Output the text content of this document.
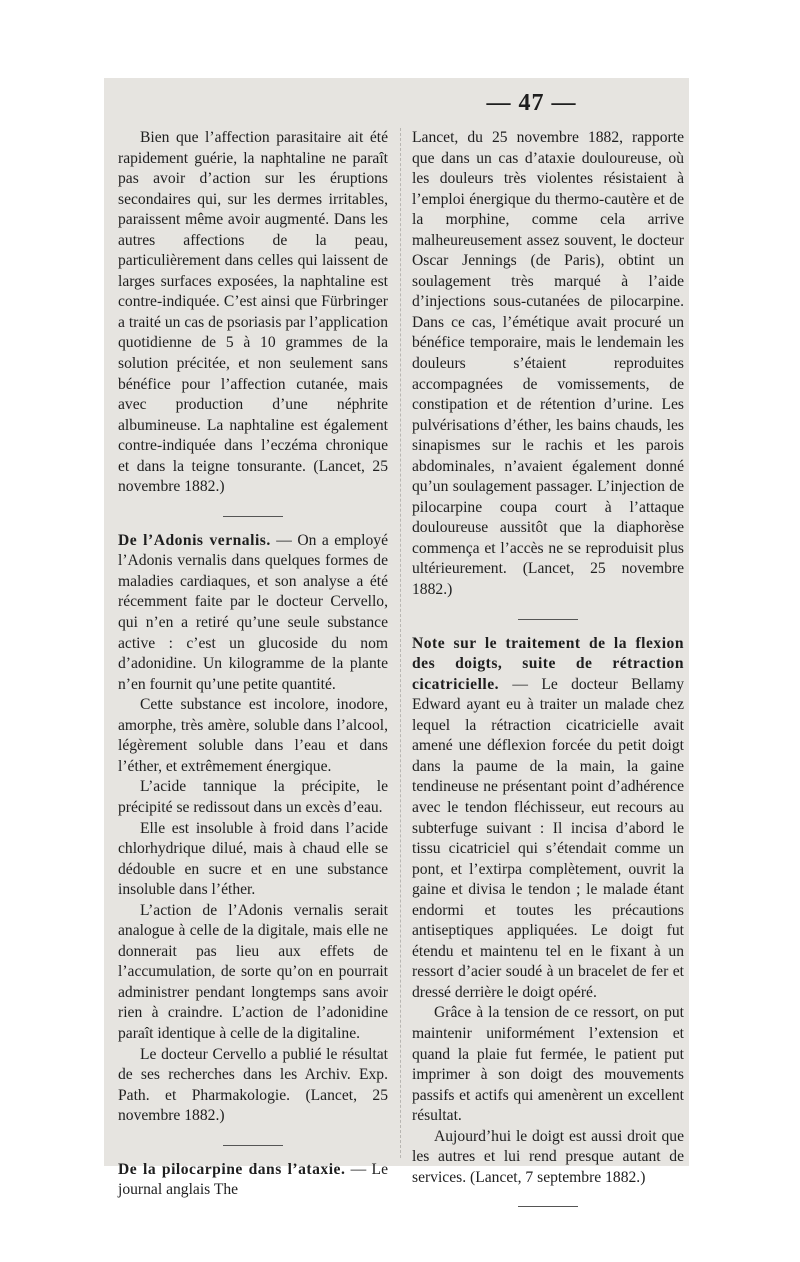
— 47 —

Bien que l’affection parasitaire ait été rapidement guérie, la naphtaline ne paraît pas avoir d’action sur les éruptions secondaires qui, sur les dermes irritables, paraissent même avoir augmenté. Dans les autres affections de la peau, particulièrement dans celles qui laissent de larges surfaces exposées, la naphtaline est contre-indiquée. C’est ainsi que Fürbringer a traité un cas de psoriasis par l’application quotidienne de 5 à 10 grammes de la solution précitée, et non seulement sans bénéfice pour l’affection cutanée, mais avec production d’une néphrite albumineuse. La naphtaline est également contre-indiquée dans l’eczéma chronique et dans la teigne tonsurante. (Lancet, 25 novembre 1882.)

De l’Adonis vernalis. — On a employé l’Adonis vernalis dans quelques formes de maladies cardiaques, et son analyse a été récemment faite par le docteur Cervello, qui n’en a retiré qu’une seule substance active : c’est un glucoside du nom d’adonidine. Un kilogramme de la plante n’en fournit qu’une petite quantité.

Cette substance est incolore, inodore, amorphe, très amère, soluble dans l’alcool, légèrement soluble dans l’eau et dans l’éther, et extrêmement énergique.

L’acide tannique la précipite, le précipité se redissout dans un excès d’eau.

Elle est insoluble à froid dans l’acide chlorhydrique dilué, mais à chaud elle se dédouble en sucre et en une substance insoluble dans l’éther.

L’action de l’Adonis vernalis serait analogue à celle de la digitale, mais elle ne donnerait pas lieu aux effets de l’accumulation, de sorte qu’on en pourrait administrer pendant longtemps sans avoir rien à craindre. L’action de l’adonidine paraît identique à celle de la digitaline.

Le docteur Cervello a publié le résultat de ses recherches dans les Archiv. Exp. Path. et Pharmakologie. (Lancet, 25 novembre 1882.)

De la pilocarpine dans l’ataxie. — Le journal anglais The

Lancet, du 25 novembre 1882, rapporte que dans un cas d’ataxie douloureuse, où les douleurs très violentes résistaient à l’emploi énergique du thermo-cautère et de la morphine, comme cela arrive malheureusement assez souvent, le docteur Oscar Jennings (de Paris), obtint un soulagement très marqué à l’aide d’injections sous-cutanées de pilocarpine. Dans ce cas, l’émétique avait procuré un bénéfice temporaire, mais le lendemain les douleurs s’étaient reproduites accompagnées de vomissements, de constipation et de rétention d’urine. Les pulvérisations d’éther, les bains chauds, les sinapismes sur le rachis et les parois abdominales, n’avaient également donné qu’un soulagement passager. L’injection de pilocarpine coupa court à l’attaque douloureuse aussitôt que la diaphorèse commença et l’accès ne se reproduisit plus ultérieurement. (Lancet, 25 novembre 1882.)

Note sur le traitement de la flexion des doigts, suite de rétraction cicatricielle. — Le docteur Bellamy Edward ayant eu à traiter un malade chez lequel la rétraction cicatricielle avait amené une déflexion forcée du petit doigt dans la paume de la main, la gaine tendineuse ne présentant point d’adhérence avec le tendon fléchisseur, eut recours au subterfuge suivant : Il incisa d’abord le tissu cicatriciel qui s’étendait comme un pont, et l’extirpa complètement, ouvrit la gaine et divisa le tendon ; le malade étant endormi et toutes les précautions antiseptiques appliquées. Le doigt fut étendu et maintenu tel en le fixant à un ressort d’acier soudé à un bracelet de fer et dressé derrière le doigt opéré.

Grâce à la tension de ce ressort, on put maintenir uniformément l’extension et quand la plaie fut fermée, le patient put imprimer à son doigt des mouvements passifs et actifs qui amenèrent un excellent résultat.

Aujourd’hui le doigt est aussi droit que les autres et lui rend presque autant de services. (Lancet, 7 septembre 1882.)
